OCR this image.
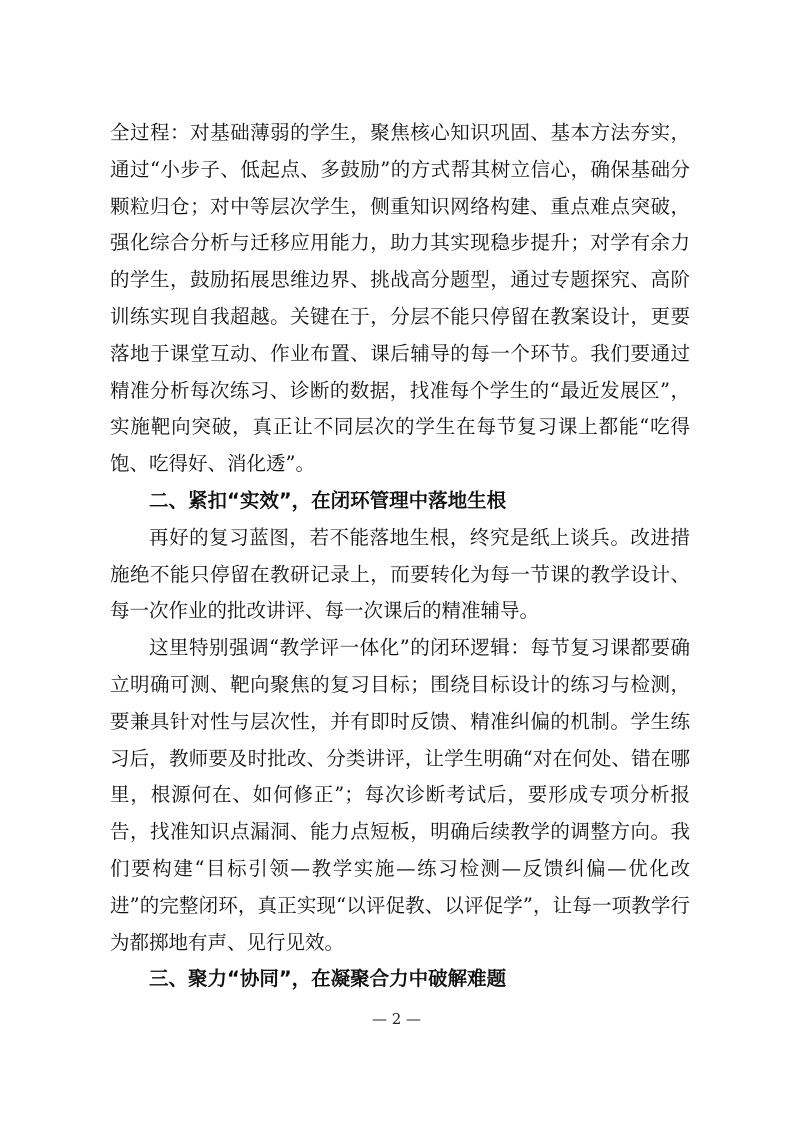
全过程：对基础薄弱的学生，聚焦核心知识巩固、基本方法夯实，通过“小步子、低起点、多鼓励”的方式帮其树立信心，确保基础分颗粒归仓；对中等层次学生，侧重知识网络构建、重点难点突破，强化综合分析与迁移应用能力，助力其实现稳步提升；对学有余力的学生，鼓励拓展思维边界、挑战高分题型，通过专题探究、高阶训练实现自我超越。关键在于，分层不能只停留在教案设计，更要落地于课堂互动、作业布置、课后辅导的每一个环节。我们要通过精准分析每次练习、诊断的数据，找准每个学生的“最近发展区”，实施靶向突破，真正让不同层次的学生在每节复习课上都能“吃得饱、吃得好、消化透”。

二、紧扣“实效”，在闭环管理中落地生根

再好的复习蓝图，若不能落地生根，终究是纸上谈兵。改进措施绝不能只停留在教研记录上，而要转化为每一节课的教学设计、每一次作业的批改讲评、每一次课后的精准辅导。

这里特别强调“教学评一体化”的闭环逻辑：每节复习课都要确立明确可测、靶向聚焦的复习目标；围绕目标设计的练习与检测，要兼具针对性与层次性，并有即时反馈、精准纠偏的机制。学生练习后，教师要及时批改、分类讲评，让学生明确“对在何处、错在哪里，根源何在、如何修正”；每次诊断考试后，要形成专项分析报告，找准知识点漏洞、能力点短板，明确后续教学的调整方向。我们要构建“目标引领—教学实施—练习检测—反馈纠偏—优化改进”的完整闭环，真正实现“以评促教、以评促学”，让每一项教学行为都掷地有声、见行见效。

三、聚力“协同”，在凝聚合力中破解难题

— 2 —
